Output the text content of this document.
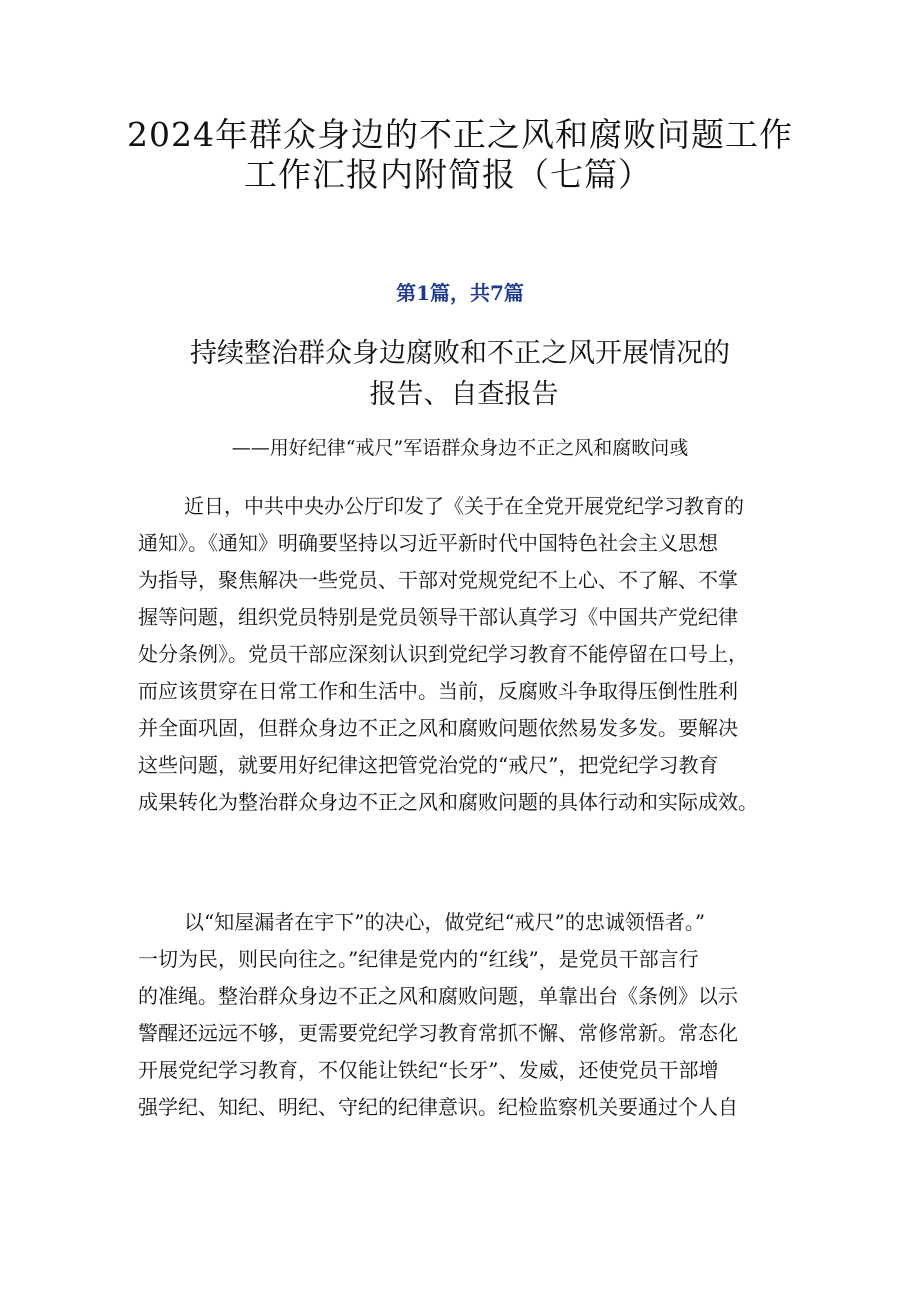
2024年群众身边的不正之风和腐败问题工作
工作汇报内附简报（七篇）
第1篇，共7篇
持续整治群众身边腐败和不正之风开展情况的
报告、自查报告
——用好纪律“戒尺”军语群众身边不正之风和腐畋问彧
近日，中共中央办公厅印发了《关于在全党开展党纪学习教育的
通知》。《通知》明确要坚持以习近平新时代中国特色社会主义思想
为指导，聚焦解决一些党员、干部对党规党纪不上心、不了解、不掌
握等问题，组织党员特别是党员领导干部认真学习《中国共产党纪律
处分条例》。党员干部应深刻认识到党纪学习教育不能停留在口号上，
而应该贯穿在日常工作和生活中。当前，反腐败斗争取得压倒性胜利
并全面巩固，但群众身边不正之风和腐败问题依然易发多发。要解决
这些问题，就要用好纪律这把管党治党的“戒尺”，把党纪学习教育
成果转化为整治群众身边不正之风和腐败问题的具体行动和实际成效。
以“知屋漏者在宇下”的决心，做党纪“戒尺”的忠诚领悟者。”
一切为民，则民向往之。”纪律是党内的“红线”，是党员干部言行
的准绳。整治群众身边不正之风和腐败问题，单靠出台《条例》以示
警醒还远远不够，更需要党纪学习教育常抓不懈、常修常新。常态化
开展党纪学习教育，不仅能让铁纪“长牙”、发威，还使党员干部增
强学纪、知纪、明纪、守纪的纪律意识。纪检监察机关要通过个人自
